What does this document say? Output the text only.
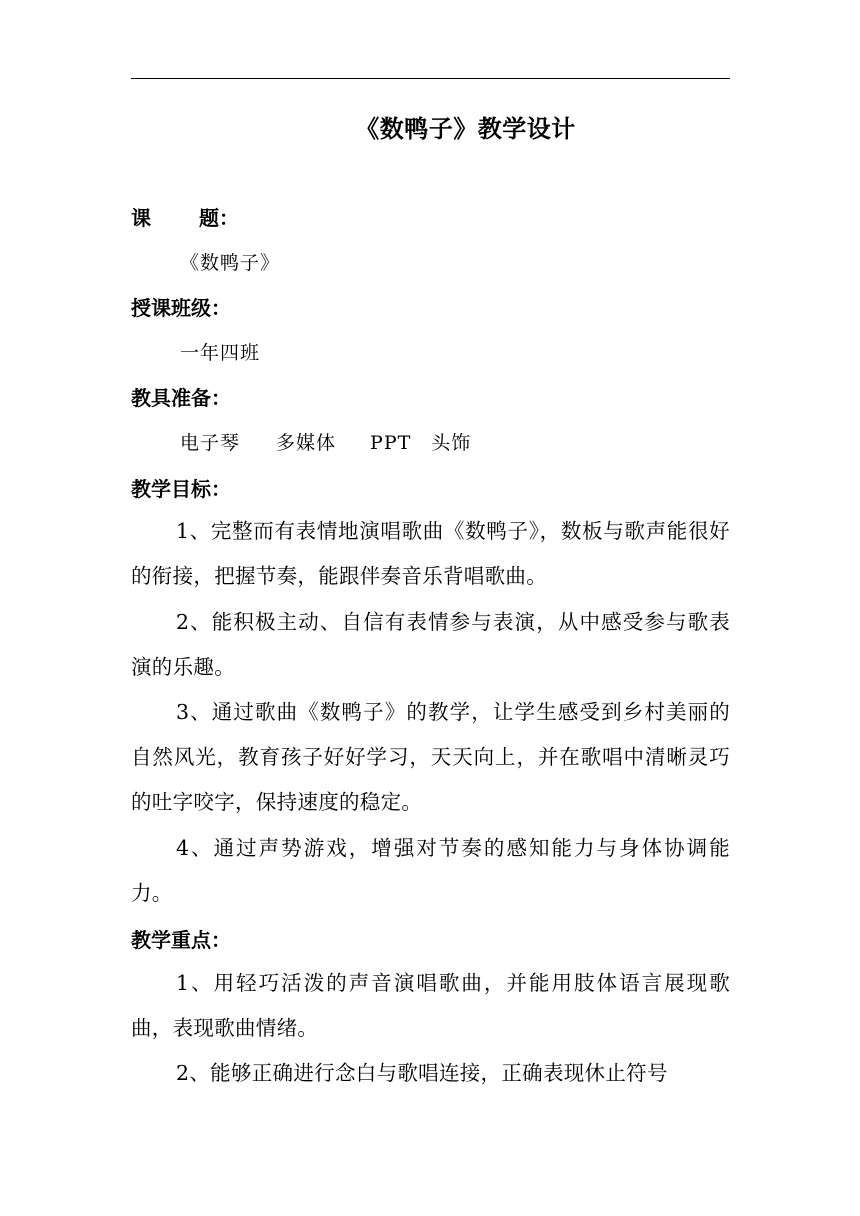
《数鸭子》教学设计
课 题：
《数鸭子》
授课班级：
一年四班
教具准备：
电子琴 多媒体 PPT 头饰
教学目标：

1、完整而有表情地演唱歌曲《数鸭子》，数板与歌声能很好的衔接，把握节奏，能跟伴奏音乐背唱歌曲。

2、能积极主动、自信有表情参与表演，从中感受参与歌表演的乐趣。

3、通过歌曲《数鸭子》的教学，让学生感受到乡村美丽的自然风光，教育孩子好好学习，天天向上，并在歌唱中清晰灵巧的吐字咬字，保持速度的稳定。

4、通过声势游戏，增强对节奏的感知能力与身体协调能力。

教学重点：

1、用轻巧活泼的声音演唱歌曲，并能用肢体语言展现歌曲，表现歌曲情绪。

2、能够正确进行念白与歌唱连接，正确表现休止符号
